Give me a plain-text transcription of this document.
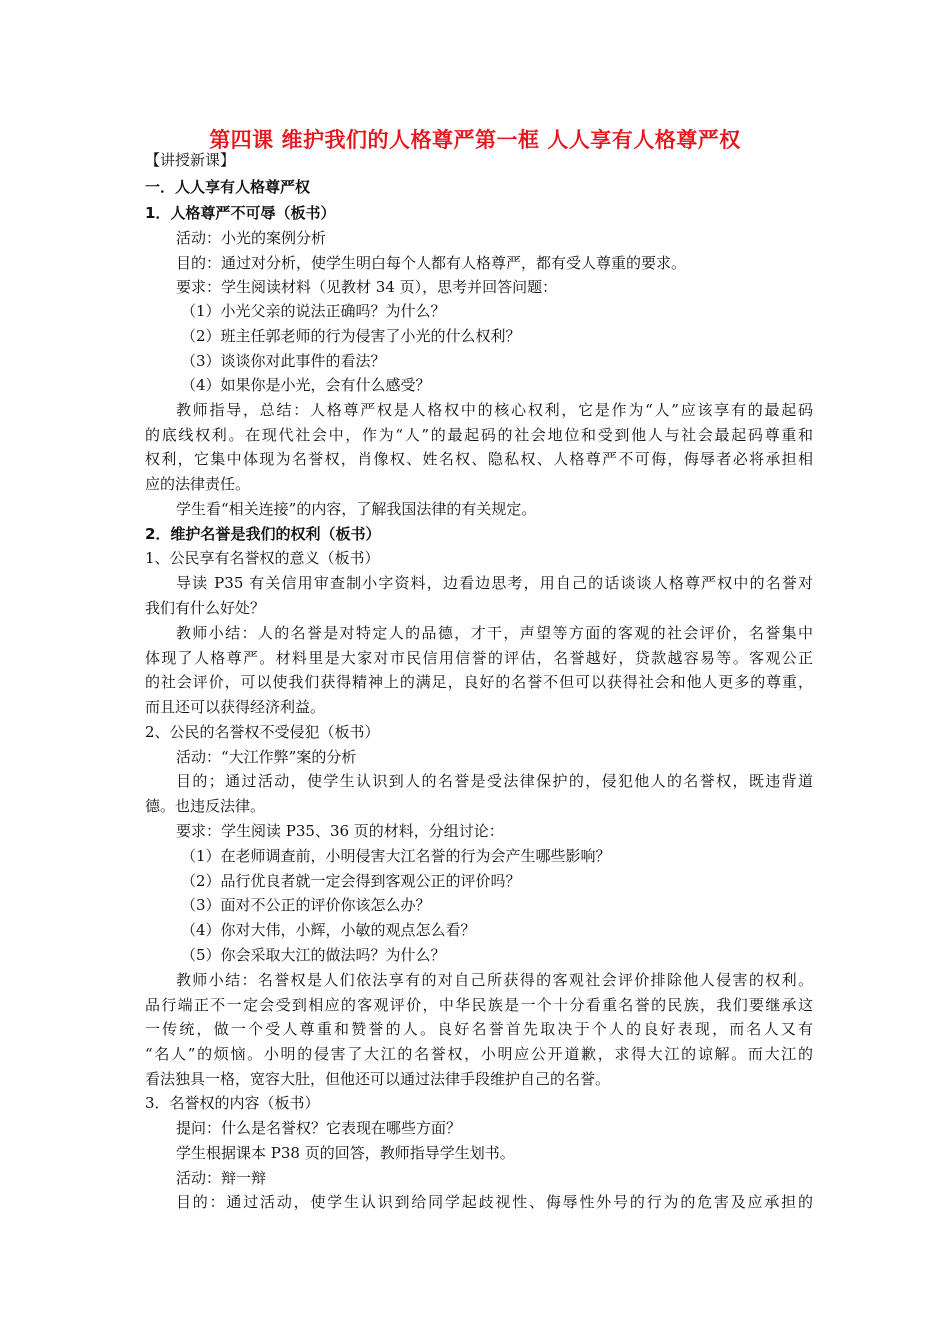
第四课 维护我们的人格尊严第一框 人人享有人格尊严权
【讲授新课】
一．人人享有人格尊严权
1．人格尊严不可辱（板书）
活动：小光的案例分析
目的：通过对分析，使学生明白每个人都有人格尊严，都有受人尊重的要求。
要求：学生阅读材料（见教材 34 页），思考并回答问题：
（1）小光父亲的说法正确吗？为什么？
（2）班主任郭老师的行为侵害了小光的什么权利？
（3）谈谈你对此事件的看法？
（4）如果你是小光，会有什么感受？
教师指导，总结：人格尊严权是人格权中的核心权利，它是作为“人”应该享有的最起码
的底线权利。在现代社会中，作为“人”的最起码的社会地位和受到他人与社会最起码尊重和
权利，它集中体现为名誉权，肖像权、姓名权、隐私权、人格尊严不可侮，侮辱者必将承担相
应的法律责任。
学生看“相关连接”的内容，了解我国法律的有关规定。
2．维护名誉是我们的权利（板书）
1、公民享有名誉权的意义（板书）
导读 P35 有关信用审查制小字资料，边看边思考，用自己的话谈谈人格尊严权中的名誉对
我们有什么好处？
教师小结：人的名誉是对特定人的品德，才干，声望等方面的客观的社会评价，名誉集中
体现了人格尊严。材料里是大家对市民信用信誉的评估，名誉越好，贷款越容易等。客观公正
的社会评价，可以使我们获得精神上的满足，良好的名誉不但可以获得社会和他人更多的尊重，
而且还可以获得经济利益。
2、公民的名誉权不受侵犯（板书）
活动：“大江作弊”案的分析
目的；通过活动，使学生认识到人的名誉是受法律保护的，侵犯他人的名誉权，既违背道
德。也违反法律。
要求：学生阅读 P35、36 页的材料，分组讨论：
（1）在老师调查前，小明侵害大江名誉的行为会产生哪些影响？
（2）品行优良者就一定会得到客观公正的评价吗？
（3）面对不公正的评价你该怎么办？
（4）你对大伟，小辉，小敏的观点怎么看？
（5）你会采取大江的做法吗？为什么？
教师小结：名誉权是人们依法享有的对自己所获得的客观社会评价排除他人侵害的权利。
品行端正不一定会受到相应的客观评价，中华民族是一个十分看重名誉的民族，我们要继承这
一传统，做一个受人尊重和赞誉的人。良好名誉首先取决于个人的良好表现，而名人又有
“名人”的烦恼。小明的侵害了大江的名誉权，小明应公开道歉，求得大江的谅解。而大江的
看法独具一格，宽容大肚，但他还可以通过法律手段维护自己的名誉。
3．名誉权的内容（板书）
提问：什么是名誉权？它表现在哪些方面？
学生根据课本 P38 页的回答，教师指导学生划书。
活动：辩一辩
目的：通过活动，使学生认识到给同学起歧视性、侮辱性外号的行为的危害及应承担的
